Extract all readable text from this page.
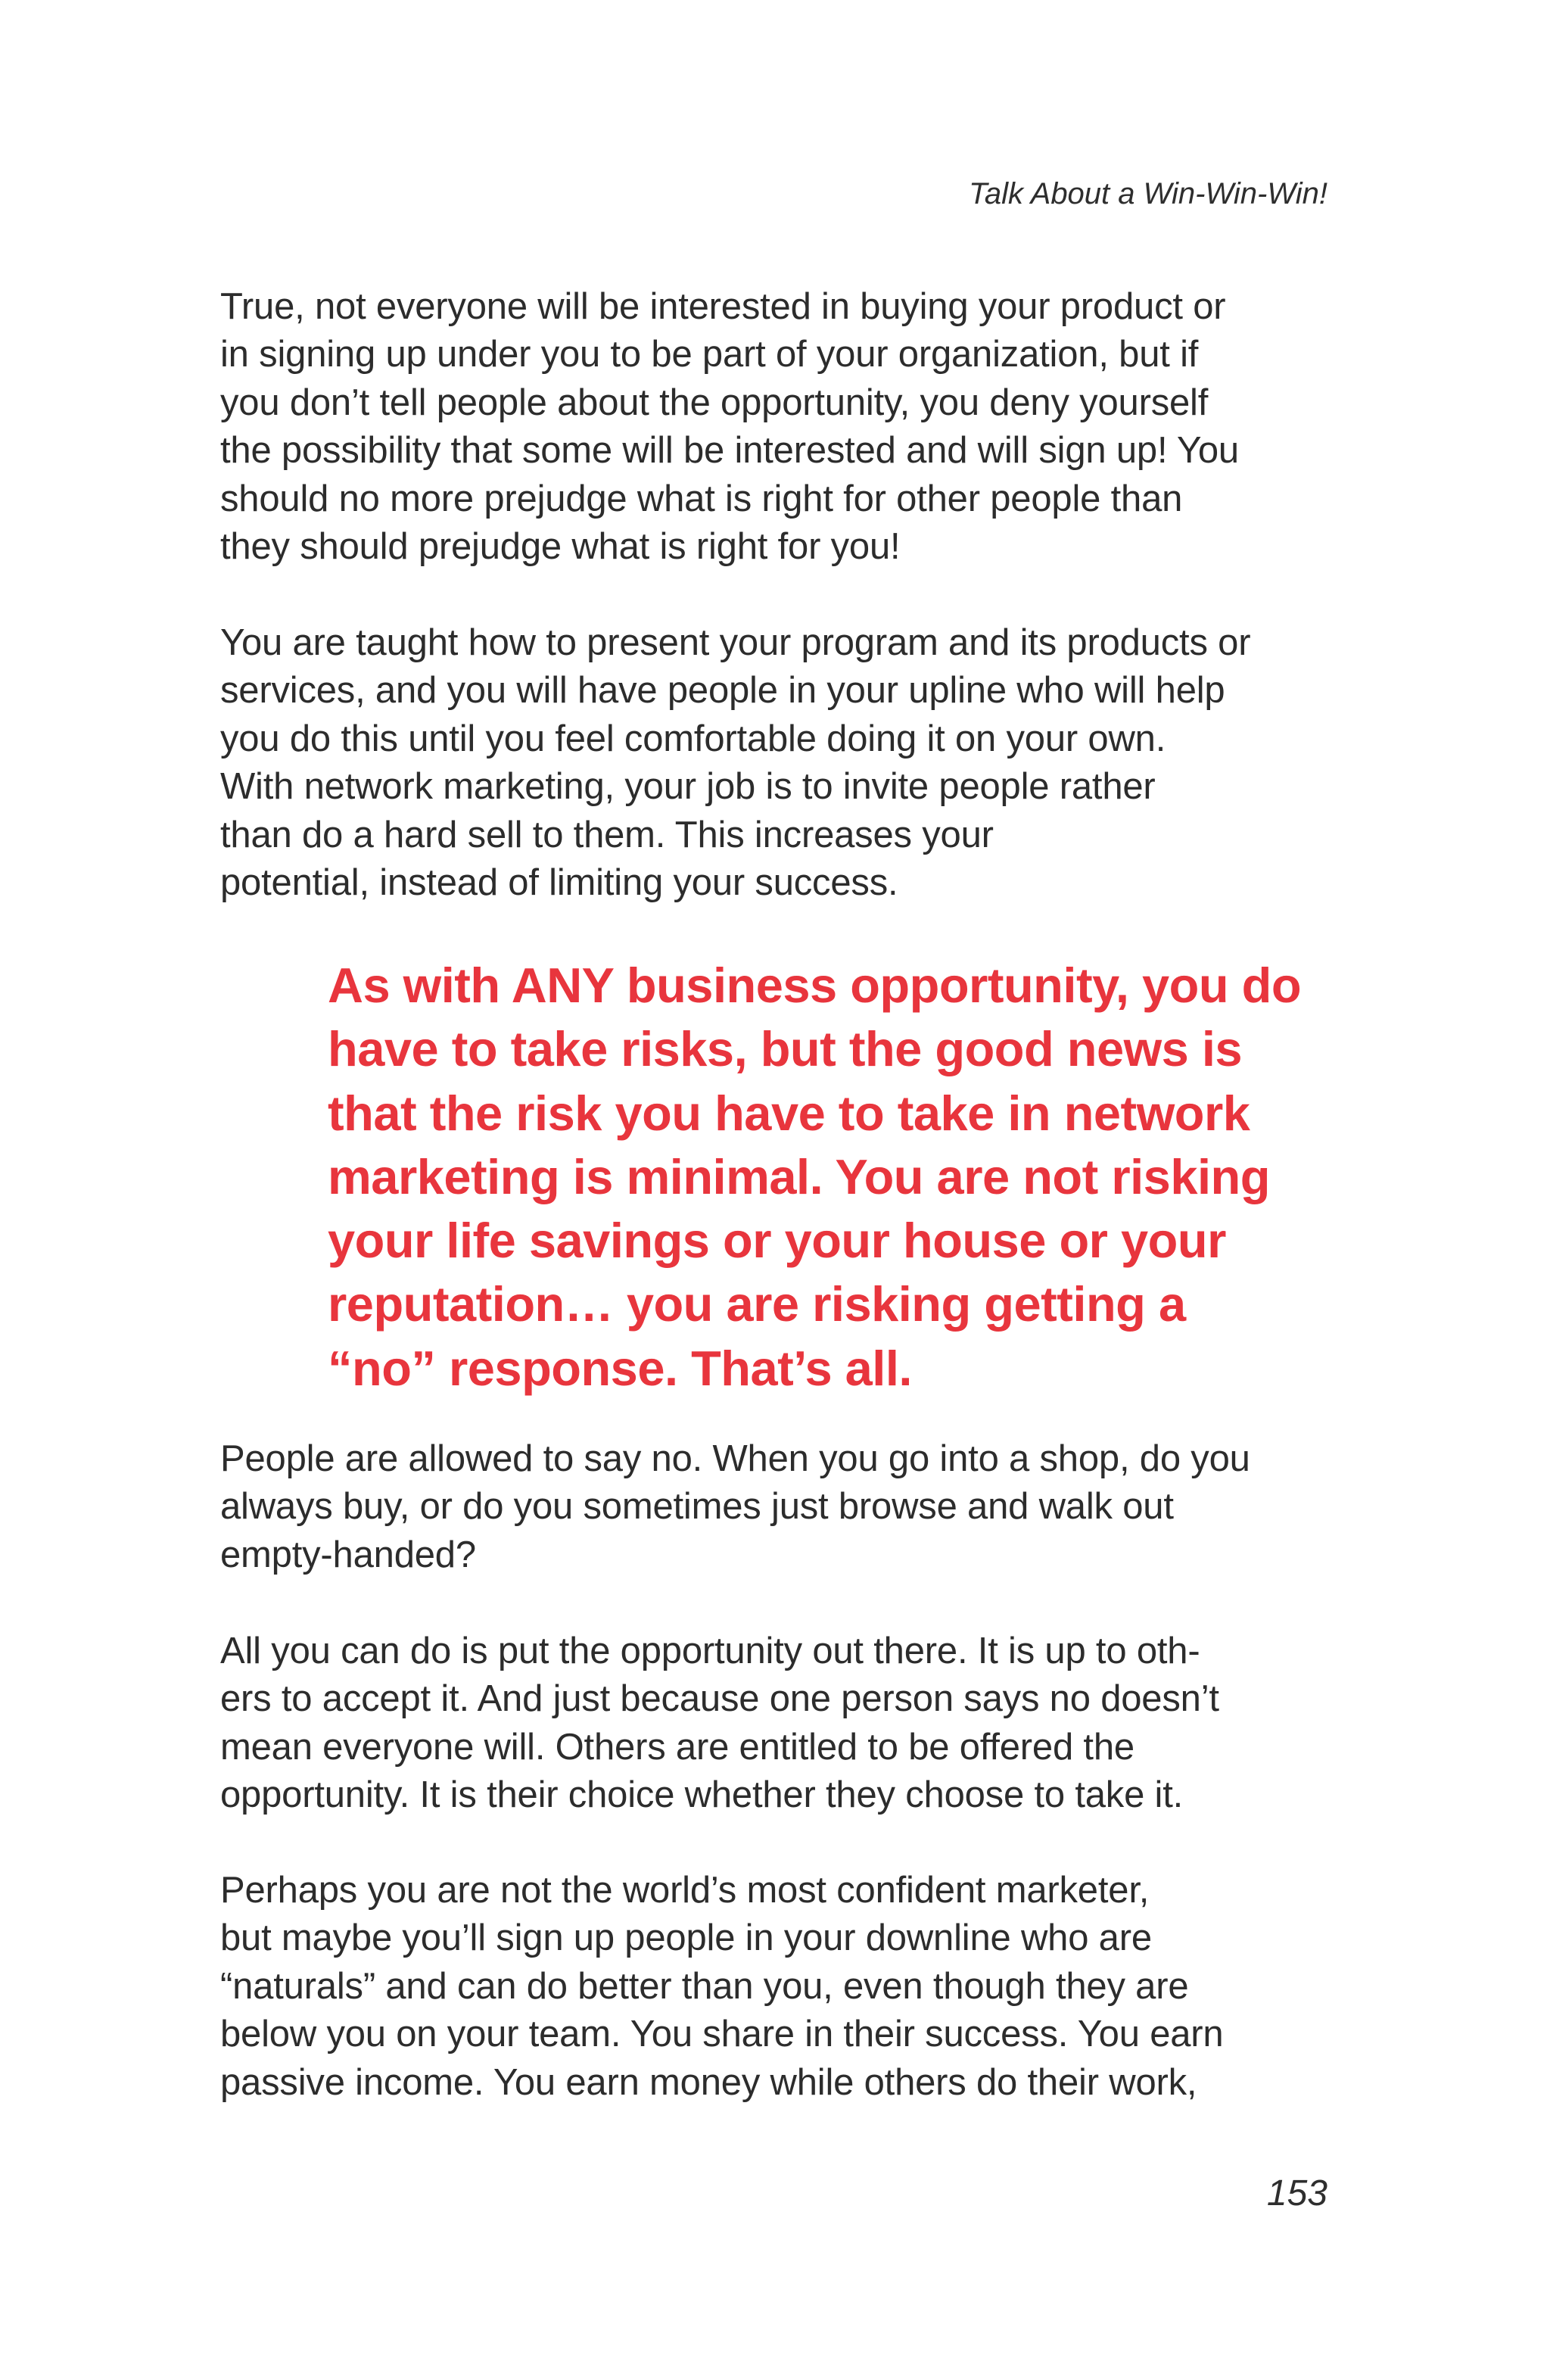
Talk About a Win-Win-Win!
True, not everyone will be interested in buying your product or
in signing up under you to be part of your organization, but if
you don’t tell people about the opportunity, you deny yourself
the possibility that some will be interested and will sign up! You
should no more prejudge what is right for other people than
they should prejudge what is right for you!
You are taught how to present your program and its products or
services, and you will have people in your upline who will help
you do this until you feel comfortable doing it on your own.
With network marketing, your job is to invite people rather
than do a hard sell to them. This increases your
potential, instead of limiting your success.
As with ANY business opportunity, you do
have to take risks, but the good news is
that the risk you have to take in network
marketing is minimal. You are not risking
your life savings or your house or your
reputation… you are risking getting a
“no” response. That’s all.
People are allowed to say no. When you go into a shop, do you
always buy, or do you sometimes just browse and walk out
empty-handed?
All you can do is put the opportunity out there. It is up to oth-
ers to accept it. And just because one person says no doesn’t
mean everyone will. Others are entitled to be offered the
opportunity. It is their choice whether they choose to take it.
Perhaps you are not the world’s most confident marketer,
but maybe you’ll sign up people in your downline who are
“naturals” and can do better than you, even though they are
below you on your team. You share in their success. You earn
passive income. You earn money while others do their work,
153
